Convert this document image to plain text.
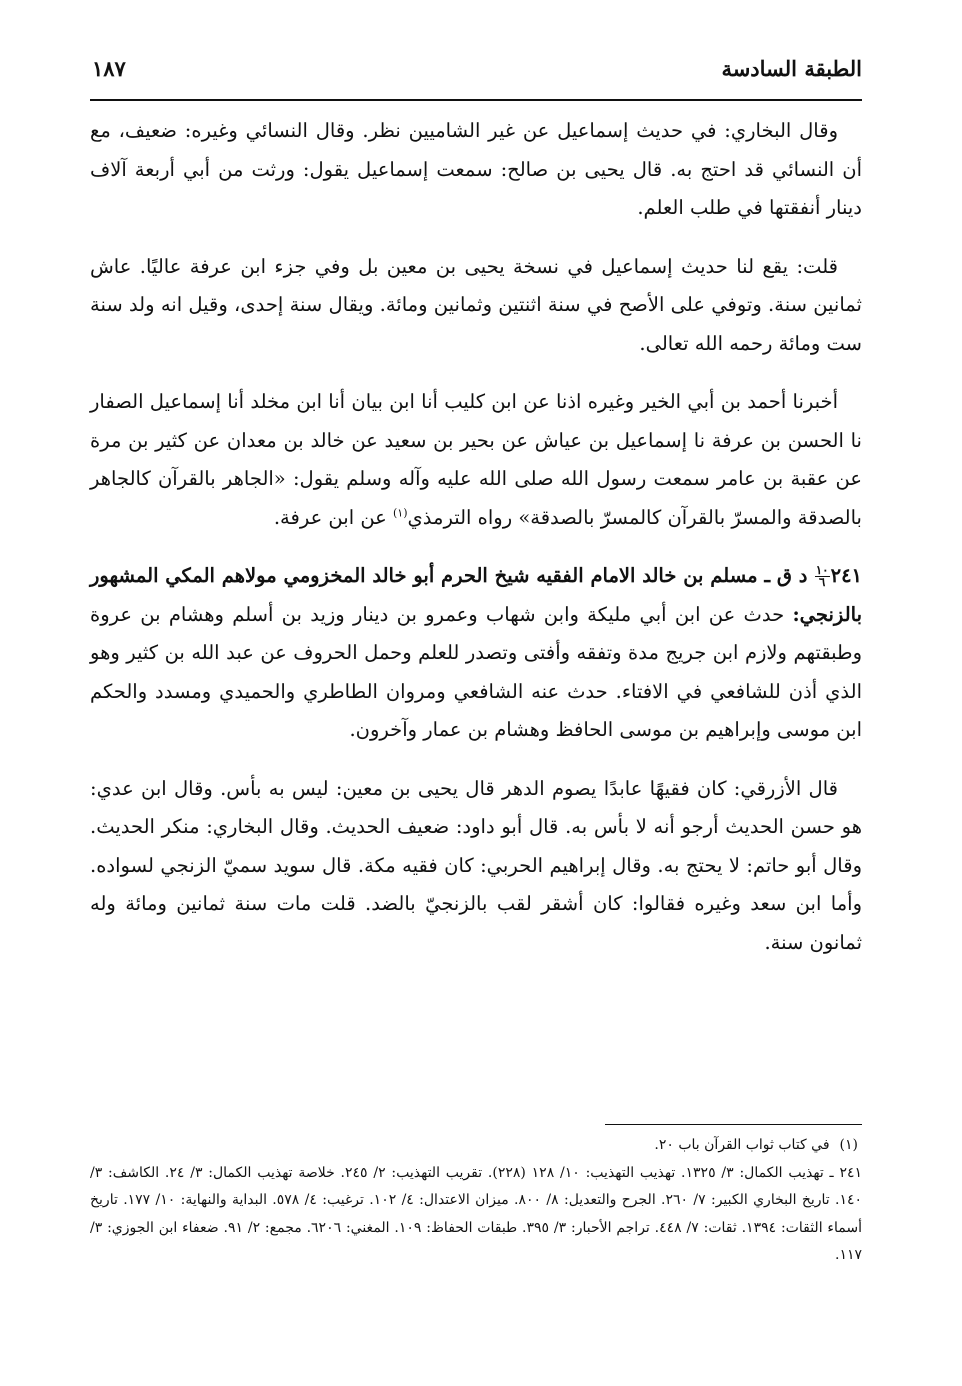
الطبقة السادسة
١٨٧

وقال البخاري: في حديث إسماعيل عن غير الشاميين نظر. وقال النسائي وغيره: ضعيف، مع أن النسائي قد احتج به. قال يحيى بن صالح: سمعت إسماعيل يقول: ورثت من أبي أربعة آلاف دينار أنفقتها في طلب العلم.

قلت: يقع لنا حديث إسماعيل في نسخة يحيى بن معين بل وفي جزء ابن عرفة عاليًا. عاش ثمانين سنة. وتوفي على الأصح في سنة اثنتين وثمانين ومائة. ويقال سنة إحدى، وقيل انه ولد سنة ست ومائة رحمه الله تعالى.

أخبرنا أحمد بن أبي الخير وغيره اذنا عن ابن كليب أنا ابن بيان أنا ابن مخلد أنا إسماعيل الصفار نا الحسن بن عرفة نا إسماعيل بن عياش عن بحير بن سعيد عن خالد بن معدان عن كثير بن مرة عن عقبة بن عامر سمعت رسول الله صلى الله عليه وآله وسلم يقول: «الجاهر بالقرآن كالجاهر بالصدقة والمسرّ بالقرآن كالمسرّ بالصدقة» رواه الترمذي$^{(١)}$ عن ابن عرفة.

٢٤١
$\frac{١٠}{٦}$
د ق ـ مسلم بن خالد الامام الفقيه شيخ الحرم أبو خالد المخزومي مولاهم المكي المشهور بالزنجي: حدث عن ابن أبي مليكة وابن شهاب وعمرو بن دينار وزيد بن أسلم وهشام بن عروة وطبقتهم ولازم ابن جريج مدة وتفقه وأفتى وتصدر للعلم وحمل الحروف عن عبد الله بن كثير وهو الذي أذن للشافعي في الافتاء. حدث عنه الشافعي ومروان الطاطري والحميدي ومسدد والحكم ابن موسى وإبراهيم بن موسى الحافظ وهشام بن عمار وآخرون.

قال الأزرقي: كان فقيهًا عابدًا يصوم الدهر قال يحيى بن معين: ليس به بأس. وقال ابن عدي: هو حسن الحديث أرجو أنه لا بأس به. قال أبو داود: ضعيف الحديث. وقال البخاري: منكر الحديث. وقال أبو حاتم: لا يحتج به. وقال إبراهيم الحربي: كان فقيه مكة. قال سويد سميّ الزنجي لسواده. وأما ابن سعد وغيره فقالوا: كان أشقر لقب بالزنجيّ بالضد. قلت مات سنة ثمانين ومائة وله ثمانون سنة.

(١)في كتاب ثواب القرآن باب ٢٠.

٢٤١ ـ تهذيب الكمال: ٣/ ١٣٢٥. تهذيب التهذيب: ١٠/ ١٢٨ (٢٢٨). تقريب التهذيب: ٢/ ٢٤٥. خلاصة تهذيب الكمال: ٣/ ٢٤. الكاشف: ٣/ ١٤٠. تاريخ البخاري الكبير: ٧/ ٢٦٠. الجرح والتعديل: ٨/ ٨٠٠. ميزان الاعتدال: ٤/ ١٠٢. ترغيب: ٤/ ٥٧٨. البداية والنهاية: ١٠/ ١٧٧. تاريخ أسماء الثقات: ١٣٩٤. ثقات: ٧/ ٤٤٨. تراجم الأحبار: ٣/ ٣٩٥. طبقات الحفاظ: ١٠٩. المغني: ٦٢٠٦. مجمع: ٢/ ٩١. ضعفاء ابن الجوزي: ٣/ ١١٧.
